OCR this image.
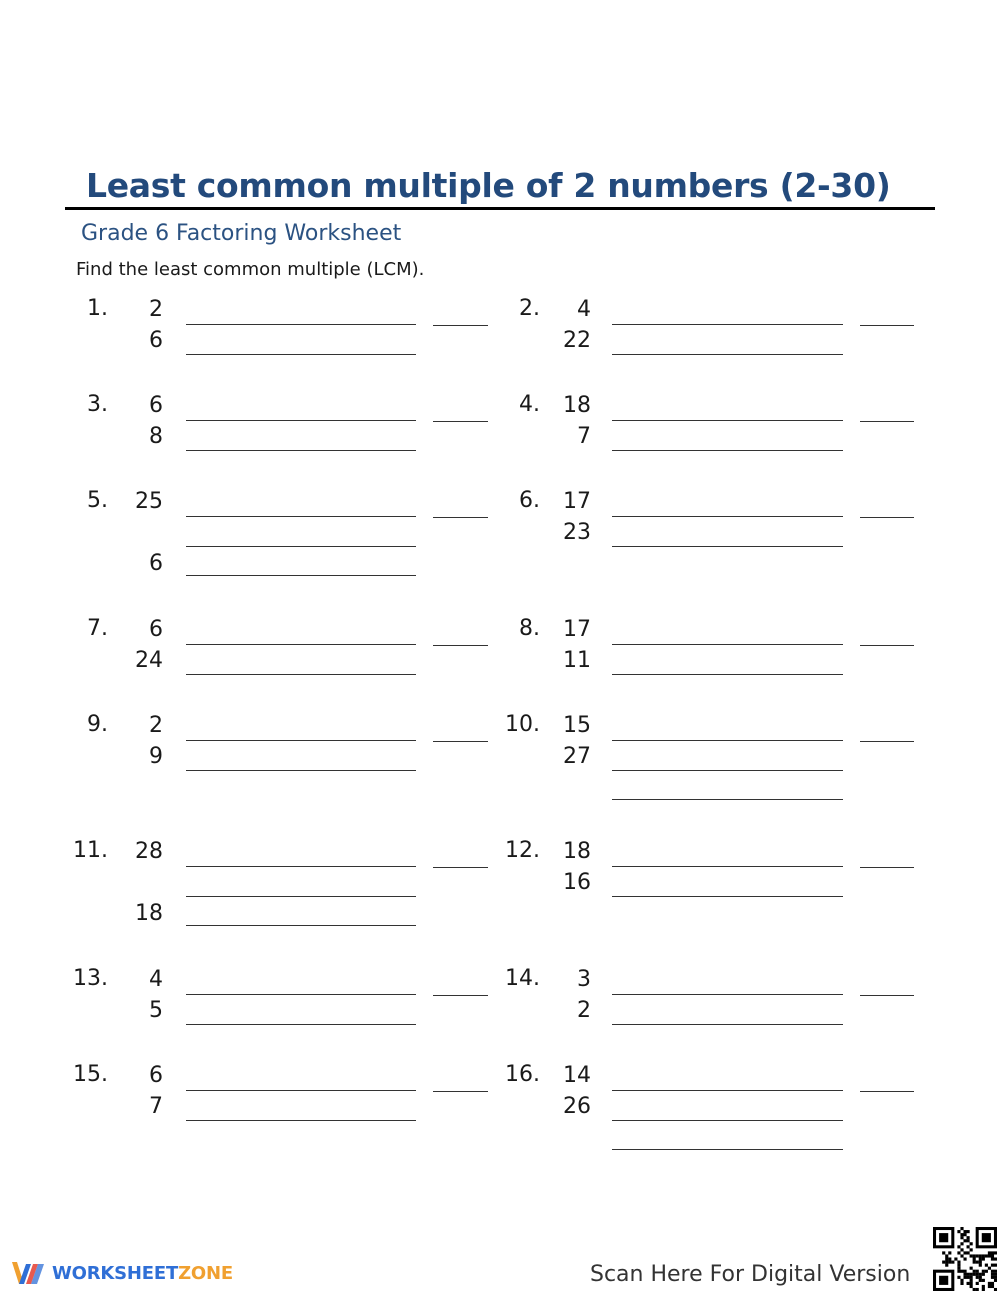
Least common multiple of 2 numbers (2-30)
Grade 6 Factoring Worksheet
Find the least common multiple (LCM).
1.	2
6
2.	4
22
3.	6
8
4.	18
7
5.	25
6
6.	17
23
7.	6
24
8.	17
11
9.	2
9
10.	15
27
11.	28
18
12.	18
16
13.	4
5
14.	3
2
15.	6
7
16.	14
26
WORKSHEETZONE	Scan Here For Digital Version
